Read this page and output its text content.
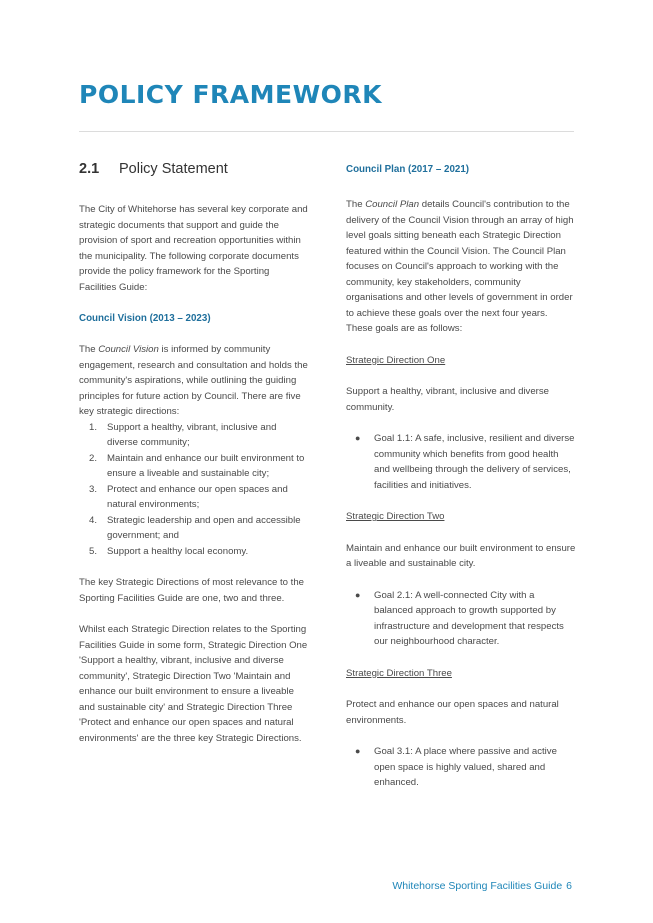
POLICY FRAMEWORK
2.1 Policy Statement

The City of Whitehorse has several key corporate and strategic documents that support and guide the provision of sport and recreation opportunities within the municipality. The following corporate documents provide the policy framework for the Sporting Facilities Guide:

Council Vision (2013 – 2023)

The Council Vision is informed by community engagement, research and consultation and holds the community's aspirations, while outlining the guiding principles for future action by Council. There are five key strategic directions:

1. Support a healthy, vibrant, inclusive and diverse community;
2. Maintain and enhance our built environment to ensure a liveable and sustainable city;
3. Protect and enhance our open spaces and natural environments;
4. Strategic leadership and open and accessible government; and
5. Support a healthy local economy.

The key Strategic Directions of most relevance to the Sporting Facilities Guide are one, two and three.

Whilst each Strategic Direction relates to the Sporting Facilities Guide in some form, Strategic Direction One 'Support a healthy, vibrant, inclusive and diverse community', Strategic Direction Two 'Maintain and enhance our built environment to ensure a liveable and sustainable city' and Strategic Direction Three 'Protect and enhance our open spaces and natural environments' are the three key Strategic Directions.

Council Plan (2017 – 2021)

The Council Plan details Council's contribution to the delivery of the Council Vision through an array of high level goals sitting beneath each Strategic Direction featured within the Council Vision. The Council Plan focuses on Council's approach to working with the community, key stakeholders, community organisations and other levels of government in order to achieve these goals over the next four years. These goals are as follows:

Strategic Direction One

Support a healthy, vibrant, inclusive and diverse community.

● Goal 1.1: A safe, inclusive, resilient and diverse community which benefits from good health and wellbeing through the delivery of services, facilities and initiatives.

Strategic Direction Two

Maintain and enhance our built environment to ensure a liveable and sustainable city.

● Goal 2.1: A well-connected City with a balanced approach to growth supported by infrastructure and development that respects our neighbourhood character.

Strategic Direction Three

Protect and enhance our open spaces and natural environments.

● Goal 3.1: A place where passive and active open space is highly valued, shared and enhanced.
Whitehorse Sporting Facilities Guide 6
